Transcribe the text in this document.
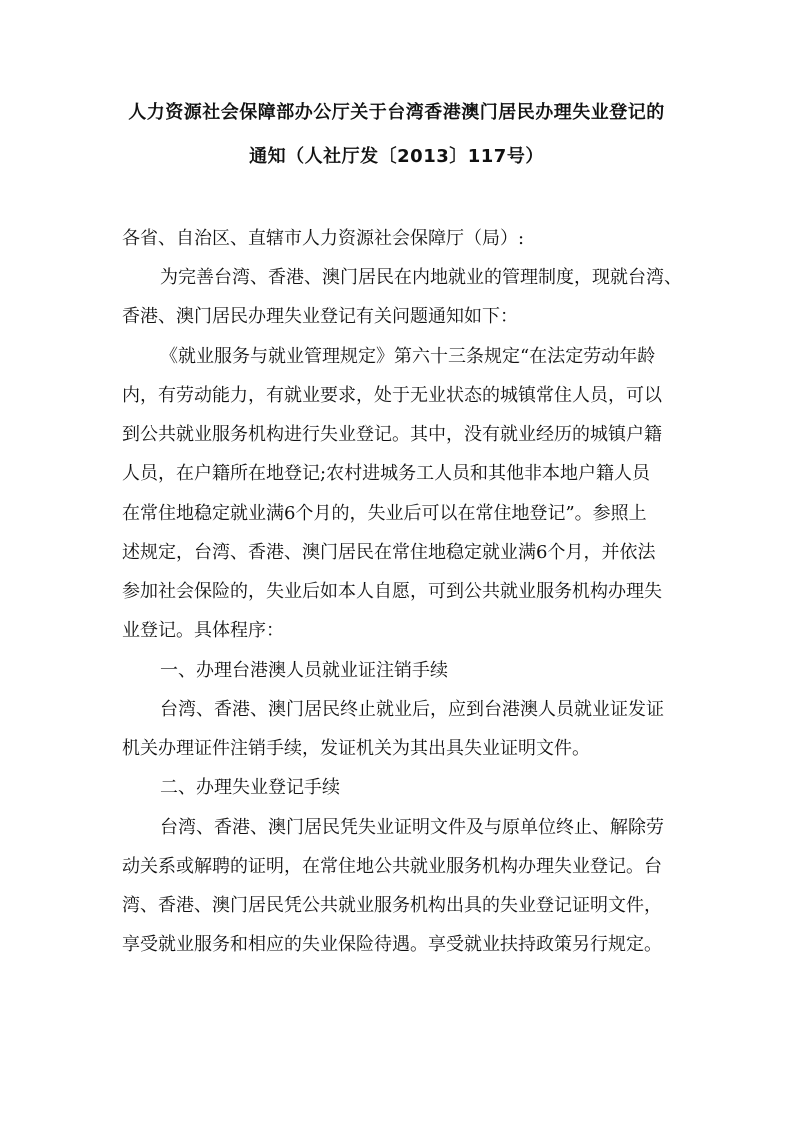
人力资源社会保障部办公厅关于台湾香港澳门居民办理失业登记的
通知（人社厅发〔2013〕117号）
各省、自治区、直辖市人力资源社会保障厅（局）:
为完善台湾、香港、澳门居民在内地就业的管理制度，现就台湾、
香港、澳门居民办理失业登记有关问题通知如下：
《就业服务与就业管理规定》第六十三条规定“在法定劳动年龄
内，有劳动能力，有就业要求，处于无业状态的城镇常住人员，可以
到公共就业服务机构进行失业登记。其中，没有就业经历的城镇户籍
人员，在户籍所在地登记;农村进城务工人员和其他非本地户籍人员
在常住地稳定就业满6个月的，失业后可以在常住地登记”。参照上
述规定，台湾、香港、澳门居民在常住地稳定就业满6个月，并依法
参加社会保险的，失业后如本人自愿，可到公共就业服务机构办理失
业登记。具体程序：
一、办理台港澳人员就业证注销手续
台湾、香港、澳门居民终止就业后，应到台港澳人员就业证发证
机关办理证件注销手续，发证机关为其出具失业证明文件。
二、办理失业登记手续
台湾、香港、澳门居民凭失业证明文件及与原单位终止、解除劳
动关系或解聘的证明，在常住地公共就业服务机构办理失业登记。台
湾、香港、澳门居民凭公共就业服务机构出具的失业登记证明文件，
享受就业服务和相应的失业保险待遇。享受就业扶持政策另行规定。
